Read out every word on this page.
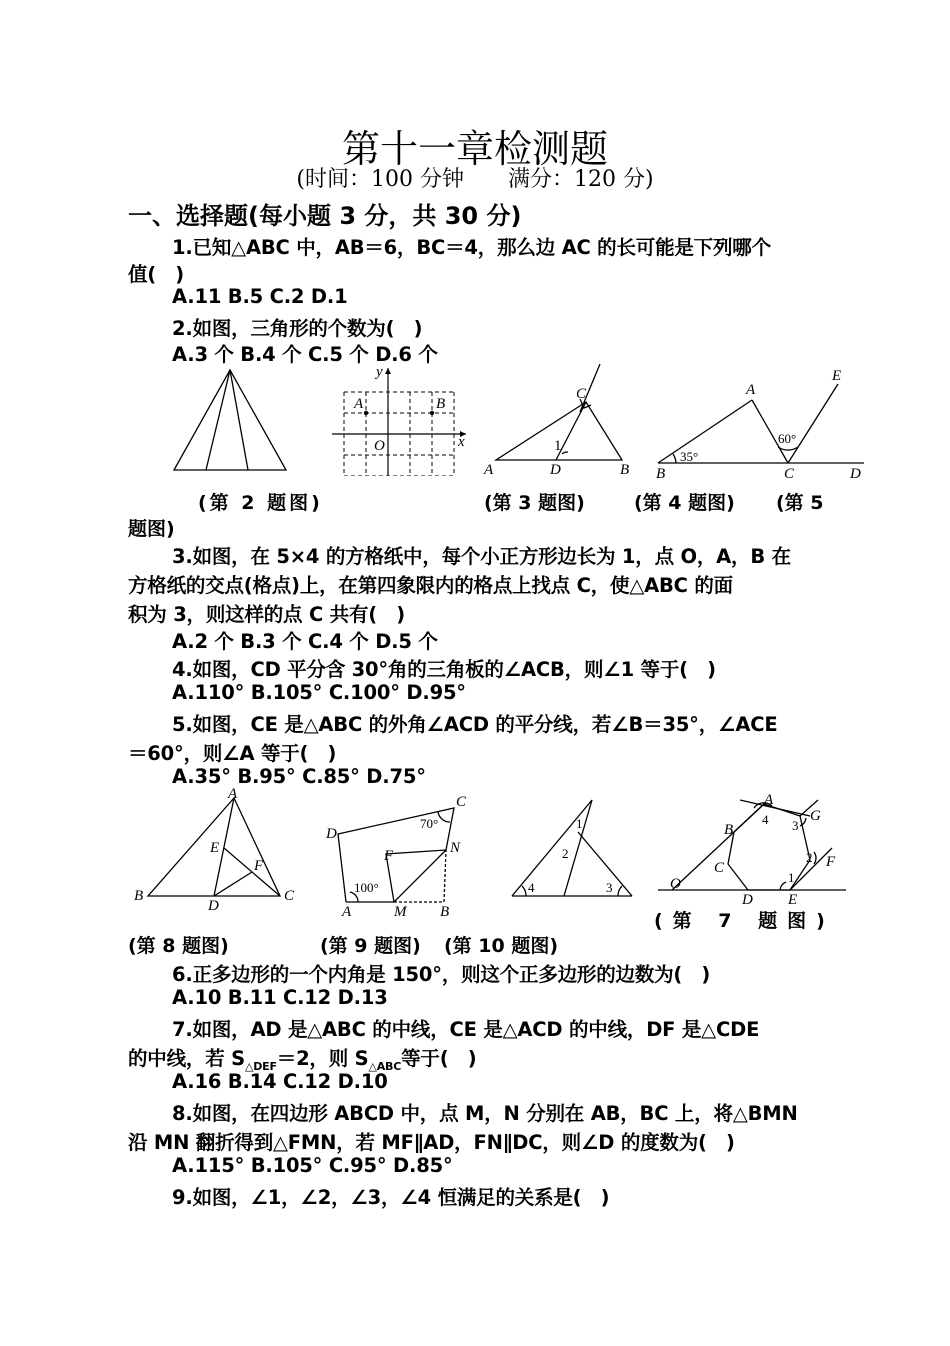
第十一章检测题
(时间：100 分钟　　满分：120 分)
一、选择题(每小题 3 分，共 30 分)
1.已知△ABC 中，AB＝6，BC＝4，那么边 AC 的长可能是下列哪个
值(　)
A.11 B.5 C.2 D.1
2.如图，三角形的个数为(　)
A.3 个 B.4 个 C.5 个 D.6 个
y
A	B
O	x
C
1
A	D	B
A
E
60°
35°
B	C	D
(第 2 题图)	(第 3 题图)	(第 4 题图) (第 5
题图)
3.如图，在 5×4 的方格纸中，每个小正方形边长为 1，点 O，A，B 在
方格纸的交点(格点)上，在第四象限内的格点上找点 C，使△ABC 的面
积为 3，则这样的点 C 共有(　)
A.2 个 B.3 个 C.4 个 D.5 个
4.如图，CD 平分含 30°角的三角板的∠ACB，则∠1 等于(　)
A.110° B.105° C.100° D.95°
5.如图，CE 是△ABC 的外角∠ACD 的平分线，若∠B＝35°，∠ACE
＝60°，则∠A 等于(　)
A.35° B.95° C.85° D.75°
A
E
F
B
D
C
C
D
70°
F	N
100°
A	M B
1
2
4	3
A
G
4 3
B
2 F
C
O
D
1
E
(第 7 题图)
(第 8 题图)	(第 9 题图) (第 10 题图)
6.正多边形的一个内角是 150°，则这个正多边形的边数为(　)
A.10 B.11 C.12 D.13
7.如图，AD 是△ABC 的中线，CE 是△ACD 的中线，DF 是△CDE
的中线，若 $S_{\triangle DEF}=2$，则 $S_{\triangle ABC}$等于(　)
A.16 B.14 C.12 D.10
8.如图，在四边形 ABCD 中，点 M，N 分别在 AB，BC 上，将△BMN
沿 MN 翻折得到△FMN，若 MF∥AD，FN∥DC，则∠D 的度数为(　)
A.115° B.105° C.95° D.85°
9.如图，∠1，∠2，∠3，∠4 恒满足的关系是(　)
